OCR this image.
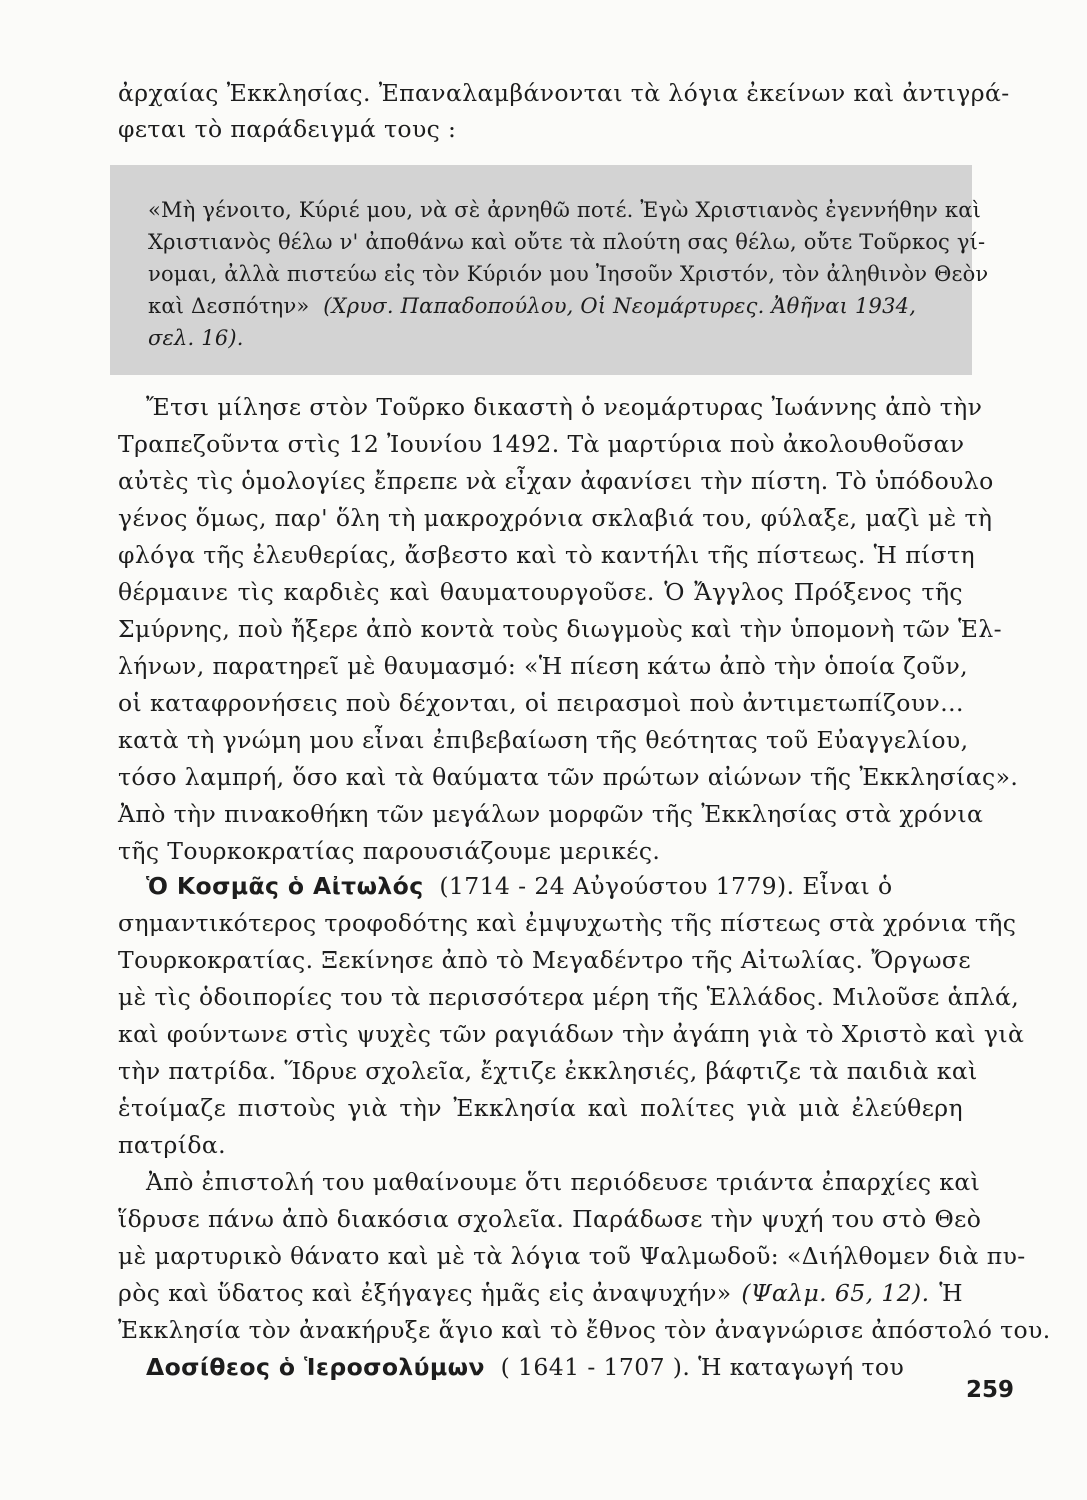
ἀρχαίας Ἐκκλησίας. Ἐπαναλαμβάνονται τὰ λόγια ἐκείνων καὶ ἀντιγρά-
φεται τὸ παράδειγμά τους :
«Μὴ γένοιτο, Κύριέ μου, νὰ σὲ ἀρνηθῶ ποτέ. Ἐγὼ Χριστιανὸς ἐγεννήθην καὶ
Χριστιανὸς θέλω ν' ἀποθάνω καὶ οὔτε τὰ πλούτη σας θέλω, οὔτε Τοῦρκος γί-
νομαι, ἀλλὰ πιστεύω εἰς τὸν Κύριόν μου Ἰησοῦν Χριστόν, τὸν ἀληθινὸν Θεὸν
καὶ Δεσπότην» (Χρυσ. Παπαδοπούλου, Οἱ Νεομάρτυρες. Ἀθῆναι 1934,
σελ. 16).
Ἔτσι μίλησε στὸν Τοῦρκο δικαστὴ ὁ νεομάρτυρας Ἰωάννης ἀπὸ τὴν
Τραπεζοῦντα στὶς 12 Ἰουνίου 1492. Τὰ μαρτύρια ποὺ ἀκολουθοῦσαν
αὐτὲς τὶς ὁμολογίες ἔπρεπε νὰ εἶχαν ἀφανίσει τὴν πίστη. Τὸ ὑπόδουλο
γένος ὅμως, παρ' ὅλη τὴ μακροχρόνια σκλαβιά του, φύλαξε, μαζὶ μὲ τὴ
φλόγα τῆς ἐλευθερίας, ἄσβεστο καὶ τὸ καντήλι τῆς πίστεως. Ἡ πίστη
θέρμαινε τὶς καρδιὲς καὶ θαυματουργοῦσε. Ὁ Ἄγγλος Πρόξενος τῆς
Σμύρνης, ποὺ ἤξερε ἀπὸ κοντὰ τοὺς διωγμοὺς καὶ τὴν ὑπομονὴ τῶν Ἑλ-
λήνων, παρατηρεῖ μὲ θαυμασμό: «Ἡ πίεση κάτω ἀπὸ τὴν ὁποία ζοῦν,
οἱ καταφρονήσεις ποὺ δέχονται, οἱ πειρασμοὶ ποὺ ἀντιμετωπίζουν...
κατὰ τὴ γνώμη μου εἶναι ἐπιβεβαίωση τῆς θεότητας τοῦ Εὐαγγελίου,
τόσο λαμπρή, ὅσο καὶ τὰ θαύματα τῶν πρώτων αἰώνων τῆς Ἐκκλησίας».
Ἀπὸ τὴν πινακοθήκη τῶν μεγάλων μορφῶν τῆς Ἐκκλησίας στὰ χρόνια
τῆς Τουρκοκρατίας παρουσιάζουμε μερικές.
Ὁ Κοσμᾶς ὁ Αἰτωλός (1714 - 24 Αὐγούστου 1779). Εἶναι ὁ
σημαντικότερος τροφοδότης καὶ ἐμψυχωτὴς τῆς πίστεως στὰ χρόνια τῆς
Τουρκοκρατίας. Ξεκίνησε ἀπὸ τὸ Μεγαδέντρο τῆς Αἰτωλίας. Ὄργωσε
μὲ τὶς ὁδοιπορίες του τὰ περισσότερα μέρη τῆς Ἑλλάδος. Μιλοῦσε ἁπλά,
καὶ φούντωνε στὶς ψυχὲς τῶν ραγιάδων τὴν ἀγάπη γιὰ τὸ Χριστὸ καὶ γιὰ
τὴν πατρίδα. Ἵδρυε σχολεῖα, ἔχτιζε ἐκκλησιές, βάφτιζε τὰ παιδιὰ καὶ
ἑτοίμαζε πιστοὺς γιὰ τὴν Ἐκκλησία καὶ πολίτες γιὰ μιὰ ἐλεύθερη
πατρίδα.
Ἀπὸ ἐπιστολή του μαθαίνουμε ὅτι περιόδευσε τριάντα ἐπαρχίες καὶ
ἵδρυσε πάνω ἀπὸ διακόσια σχολεῖα. Παράδωσε τὴν ψυχή του στὸ Θεὸ
μὲ μαρτυρικὸ θάνατο καὶ μὲ τὰ λόγια τοῦ Ψαλμωδοῦ: «Διήλθομεν διὰ πυ-
ρὸς καὶ ὕδατος καὶ ἐξήγαγες ἡμᾶς εἰς ἀναψυχήν» (Ψαλμ. 65, 12). Ἡ
Ἐκκλησία τὸν ἀνακήρυξε ἅγιο καὶ τὸ ἔθνος τὸν ἀναγνώρισε ἀπόστολό του.
Δοσίθεος ὁ Ἱεροσολύμων ( 1641 - 1707 ). Ἡ καταγωγή του
259
